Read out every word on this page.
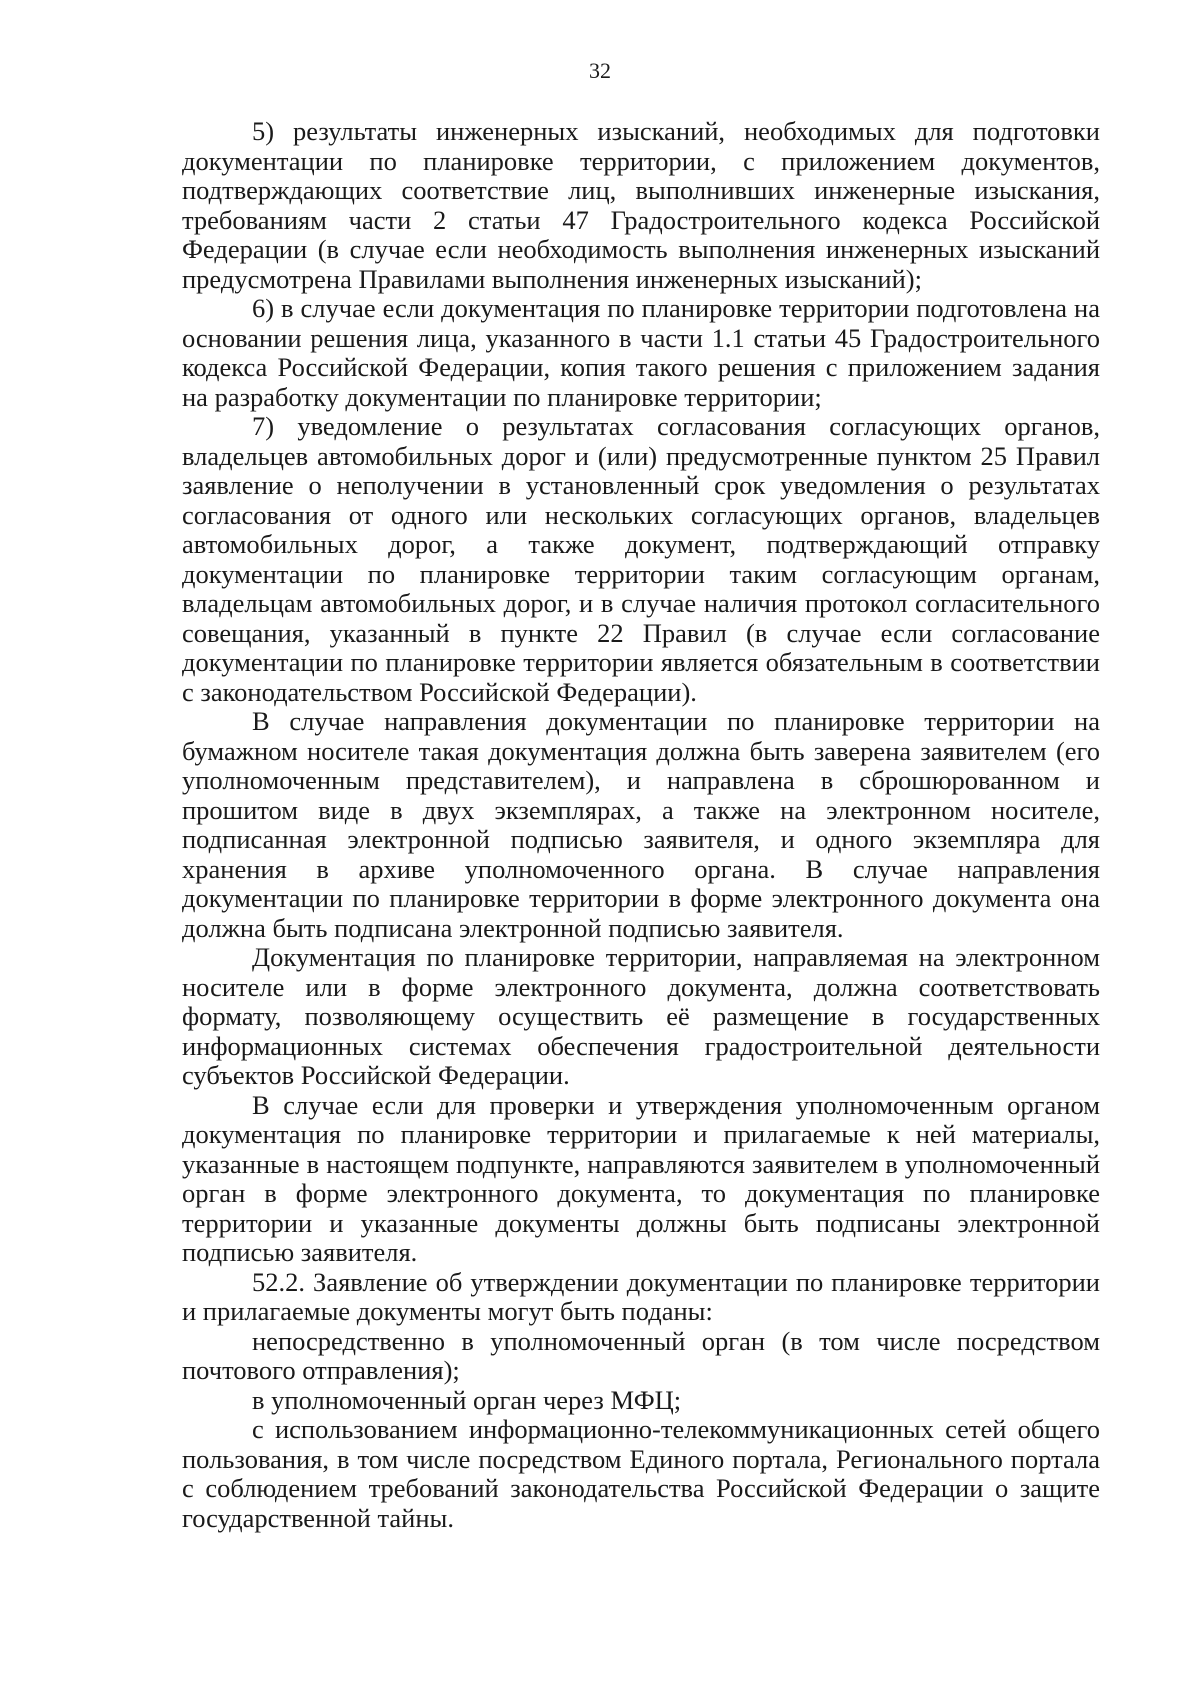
32

5) результаты инженерных изысканий, необходимых для подготовки документации по планировке территории, с приложением документов, подтверждающих соответствие лиц, выполнивших инженерные изыскания, требованиям части 2 статьи 47 Градостроительного кодекса Российской Федерации (в случае если необходимость выполнения инженерных изысканий предусмотрена Правилами выполнения инженерных изысканий);

6) в случае если документация по планировке территории подготовлена на основании решения лица, указанного в части 1.1 статьи 45 Градостроительного кодекса Российской Федерации, копия такого решения с приложением задания на разработку документации по планировке территории;

7) уведомление о результатах согласования согласующих органов, владельцев автомобильных дорог и (или) предусмотренные пунктом 25 Правил заявление о неполучении в установленный срок уведомления о результатах согласования от одного или нескольких согласующих органов, владельцев автомобильных дорог, а также документ, подтверждающий отправку документации по планировке территории таким согласующим органам, владельцам автомобильных дорог, и в случае наличия протокол согласительного совещания, указанный в пункте 22 Правил (в случае если согласование документации по планировке территории является обязательным в соответствии с законодательством Российской Федерации).

В случае направления документации по планировке территории на бумажном носителе такая документация должна быть заверена заявителем (его уполномоченным представителем), и направлена в сброшюрованном и прошитом виде в двух экземплярах, а также на электронном носителе, подписанная электронной подписью заявителя, и одного экземпляра для хранения в архиве уполномоченного органа. В случае направления документации по планировке территории в форме электронного документа она должна быть подписана электронной подписью заявителя.

Документация по планировке территории, направляемая на электронном носителе или в форме электронного документа, должна соответствовать формату, позволяющему осуществить её размещение в государственных информационных системах обеспечения градостроительной деятельности субъектов Российской Федерации.

В случае если для проверки и утверждения уполномоченным органом документация по планировке территории и прилагаемые к ней материалы, указанные в настоящем подпункте, направляются заявителем в уполномоченный орган в форме электронного документа, то документация по планировке территории и указанные документы должны быть подписаны электронной подписью заявителя.

52.2. Заявление об утверждении документации по планировке территории и прилагаемые документы могут быть поданы:

непосредственно в уполномоченный орган (в том числе посредством почтового отправления);

в уполномоченный орган через МФЦ;

с использованием информационно-телекоммуникационных сетей общего пользования, в том числе посредством Единого портала, Регионального портала с соблюдением требований законодательства Российской Федерации о защите государственной тайны.
